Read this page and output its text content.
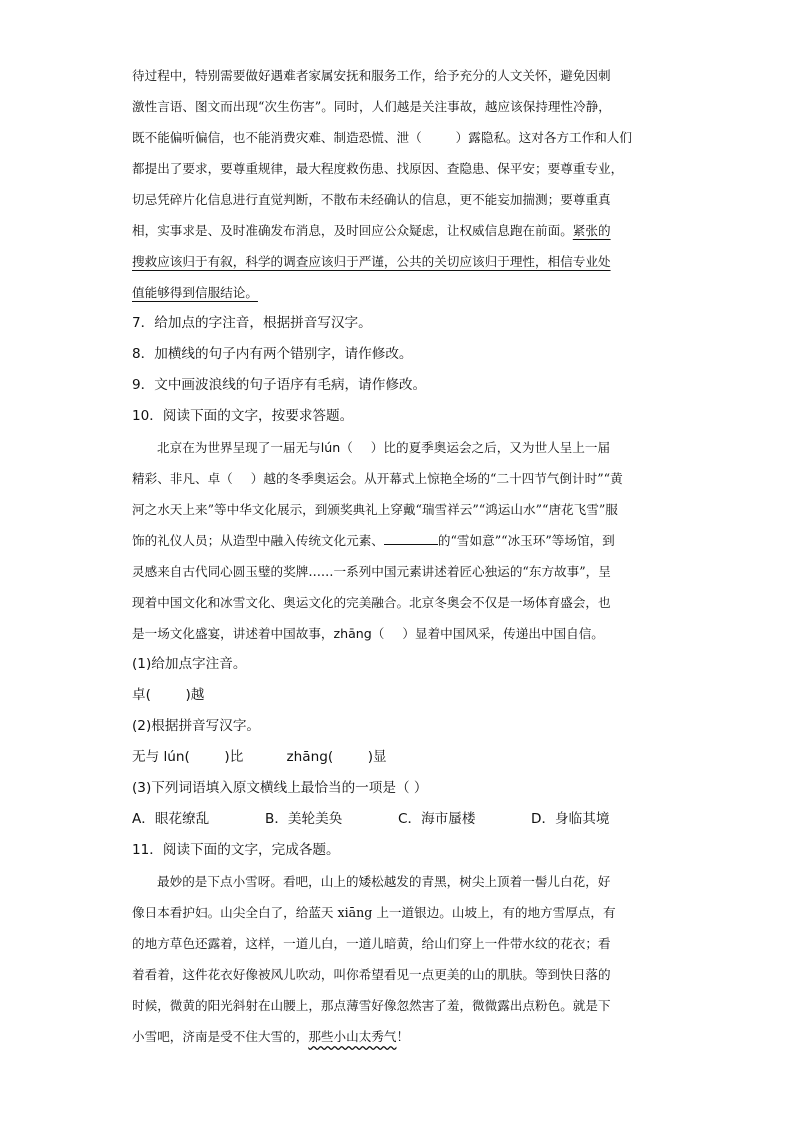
待过程中，特别需要做好遇难者家属安抚和服务工作，给予充分的人文关怀，避免因刺

激性言语、图文而出现“次生伤害”。同时，人们越是关注事故，越应该保持理性冷静，

既不能偏听偏信，也不能消费灾难、制造恐慌、泄（	）露隐私。这对各方工作和人们

都提出了要求，要尊重规律，最大程度救伤患、找原因、查隐患、保平安；要尊重专业，

切忌凭碎片化信息进行直觉判断，不散布未经确认的信息，更不能妄加揣测；要尊重真

相，实事求是、及时准确发布消息，及时回应公众疑虑，让权威信息跑在前面。紧张的

搜救应该归于有叙，科学的调查应该归于严谨，公共的关切应该归于理性，相信专业处

值能够得到信服结论。

7．给加点的字注音，根据拼音写汉字。

8．加横线的句子内有两个错别字，请作修改。

9．文中画波浪线的句子语序有毛病，请作修改。

10．阅读下面的文字，按要求答题。

北京在为世界呈现了一届无与lún（ ）比的夏季奥运会之后，又为世人呈上一届

精彩、非凡、卓（ ）越的冬季奥运会。从开幕式上惊艳全场的“二十四节气倒计时”“黄

河之水天上来”等中华文化展示，到颁奖典礼上穿戴“瑞雪祥云”“鸿运山水”“唐花飞雪”服

饰的礼仪人员；从造型中融入传统文化元素、	的“雪如意”“冰玉环”等场馆，到

灵感来自古代同心圆玉璧的奖牌……一系列中国元素讲述着匠心独运的“东方故事”，呈

现着中国文化和冰雪文化、奥运文化的完美融合。北京冬奥会不仅是一场体育盛会，也

是一场文化盛宴，讲述着中国故事，zhāng（ ）显着中国风采，传递出中国自信。

(1)给加点字注音。

卓(        )越

(2)根据拼音写汉字。

无与 lún(        )比          zhāng(        )显

(3)下列词语填入原文横线上最恰当的一项是（ ）

A．眼花缭乱	B．美轮美奂	C．海市蜃楼	D．身临其境

11．阅读下面的文字，完成各题。

最妙的是下点小雪呀。看吧，山上的矮松越发的青黑，树尖上顶着一髻儿白花，好

像日本看护妇。山尖全白了，给蓝天 xiāng 上一道银边。山坡上，有的地方雪厚点，有

的地方草色还露着，这样，一道儿白，一道儿暗黄，给山们穿上一件带水纹的花衣；看

着看着，这件花衣好像被风儿吹动，叫你希望看见一点更美的山的肌肤。等到快日落的

时候，微黄的阳光斜射在山腰上，那点薄雪好像忽然害了羞，微微露出点粉色。就是下

小雪吧，济南是受不住大雪的，那些小山太秀气！
